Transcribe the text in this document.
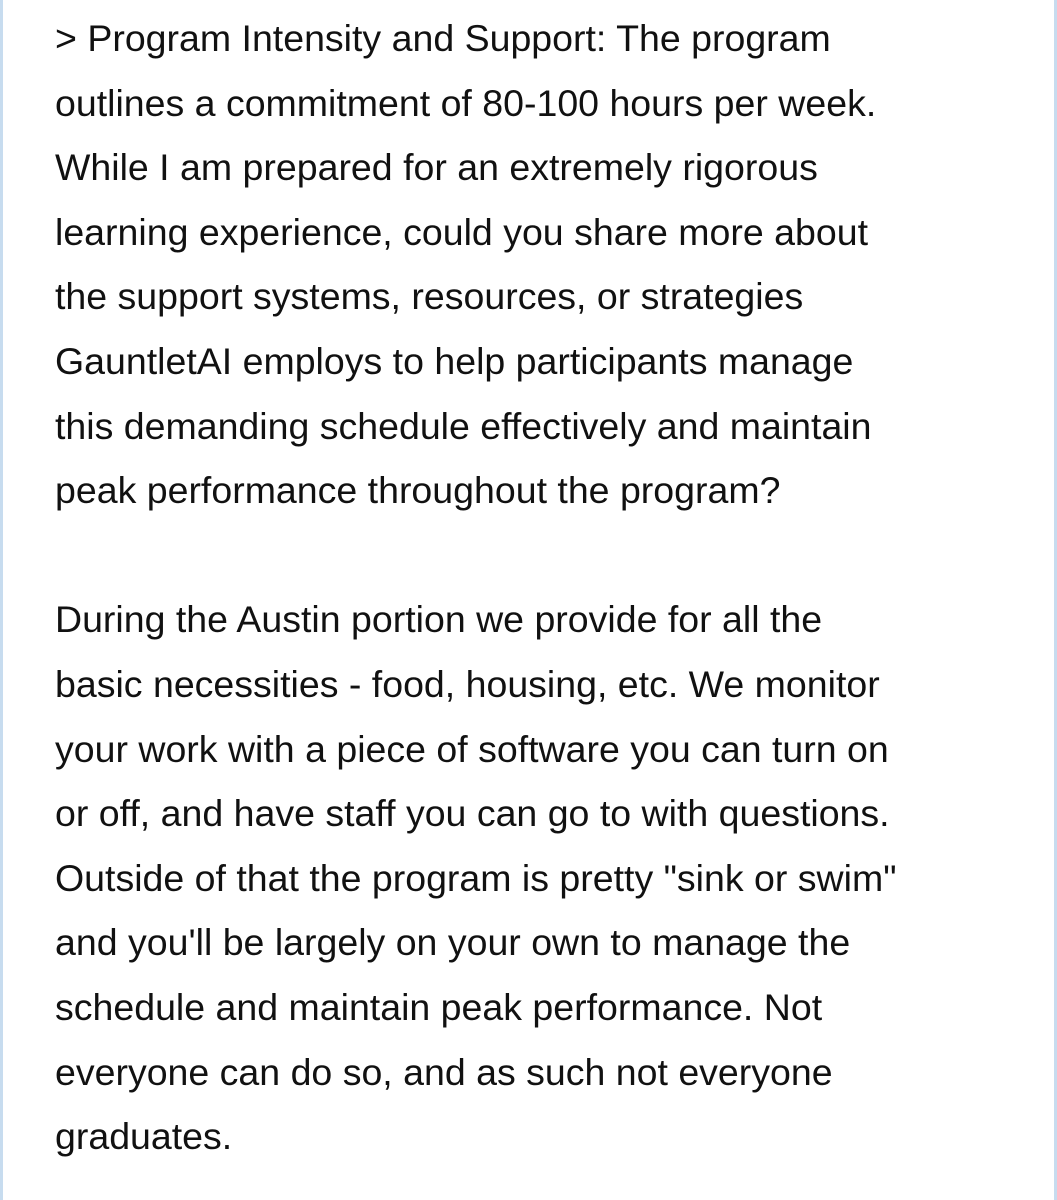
> Program Intensity and Support: The program
outlines a commitment of 80-100 hours per week.
While I am prepared for an extremely rigorous
learning experience, could you share more about
the support systems, resources, or strategies
GauntletAI employs to help participants manage
this demanding schedule effectively and maintain
peak performance throughout the program?

During the Austin portion we provide for all the
basic necessities - food, housing, etc. We monitor
your work with a piece of software you can turn on
or off, and have staff you can go to with questions.
Outside of that the program is pretty "sink or swim"
and you'll be largely on your own to manage the
schedule and maintain peak performance. Not
everyone can do so, and as such not everyone
graduates.
